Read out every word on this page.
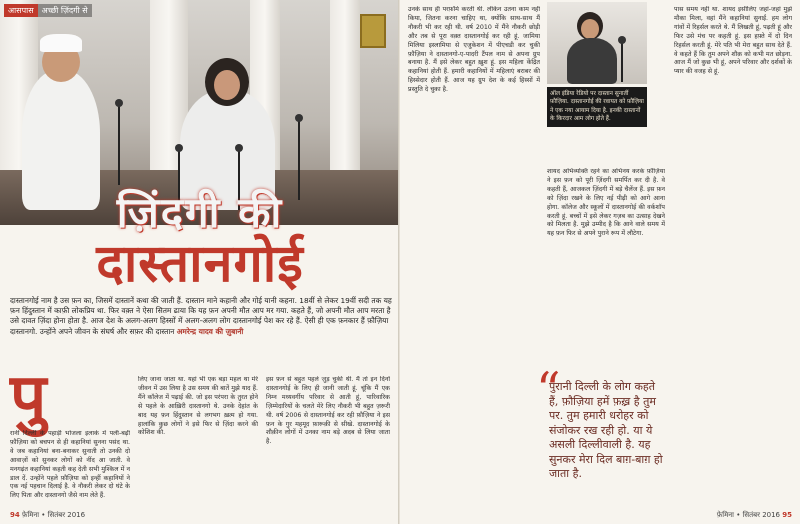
आसपास	अच्छी ज़िंदगी से
ज़िंदगी की
दास्तानगोई
दास्तानगोई नाम है उस फ़न का, जिसमें दास्तानें कथा की जाती हैं. दास्तान माने कहानी और गोई यानी कहना. 18वीं से लेकर 19वीं सदी तक यह फ़न हिंदुस्तान में काफ़ी लोकप्रिय था. फिर वक़्त ने ऐसा सितम ढाया कि यह फ़न अपनी मौत आप मर गया. कहते हैं, जो अपनी मौत आप मरता है उसे दावत ज़िंदा होना होता है. आज देश के अलग-अलग हिस्सों में अलग-अलग लोग दास्तानगोई पेश कर रहे हैं. ऐसी ही एक फ़नकार हैं फ़ौज़िया दास्तानगो. उन्होंने अपने जीवन के संघर्ष और सफ़र की दास्तान अमरेन्द्र यादव की ज़ुबानी
पु
रानी दिल्ली के पहाड़ी भोजला इलाके में पली-बढ़ी फ़ौज़िया को बचपन से ही कहानियां सुनना पसंद था. वे जब कहानियां बना-बनाकर सुनाती तो उनकी दो आवाज़ों को सुनकर लोगों को नींद आ जाती. वे मनगढ़ंत कहानियां कहती कह देती सभी मुश्किल में न डाल दें. उन्होंने पहले फ़ौज़िया को इन्हीं कहानियों ने एक नई पहचान दिलाई है. वे नौकरी लेकर दो घंटे के लिए पिता और दास्तानगो जैसे नाम लेते हैं.
लिए जाना जाता था. यहां भी एक बड़ा महल था मेरे जीवन में उस लिया है उस समय की बातें मुझे याद हैं. मैंने कॉलेज में पढ़ाई की. जो इस परंपरा के तुरत होने से पहले के आख़िरी दास्तानगो थे. उनके देहांत के बाद यह फ़न हिंदुस्तान से लगभग ख़त्म हो गया. हालांकि कुछ लोगों ने इसे फिर से ज़िंदा करने की कोशिश की.
इस फ़न से बहुत पहले जुड़ चुकी थीं. मैं तो इन दिनों दास्तानगोई के लिए ही जानी जाती हूं. चूंकि मैं एक निम्न मध्यवर्गीय परिवार से आती हूं, पारिवारिक ज़िम्मेदारियों के चलते मेरे लिए नौकरी भी बहुत ज़रूरी थी. वर्ष 2006 से दास्तानगोई कर रही फ़ौज़िया ने इस फ़न के गुर महमूद फ़ारूक़ी से सीखे. दास्तानगोई के शौक़ीन लोगों में उनका नाम बड़े अदब से लिया जाता है.
94 फ़ेमिना • सितंबर 2016
उनके साथ ही परफ़ॉर्म करती थी. लेकिन उतना काम नहीं किया, जितना करना चाहिए था, क्योंकि साथ-साथ मैं नौकरी भी कर रही थी. वर्ष 2010 में मैंने नौकरी छोड़ी और तब से पूरा वक़्त दास्तानगोई कर रही हूं. जामिया मिलिया इस्लामिया से एजुकेशन में पीएचडी कर चुकी फ़ौज़िया ने दास्तानगो-ए-पादरी टैंपल नाम से अपना ग्रुप बनाया है. मैं इसे लेकर बहुत ख़ुश हूं. इस महिला केंद्रित कहानियां होती हैं. हमारी कहानियों में महिलाएं बराबर की हिस्सेदार होती हैं. आज यह ग्रुप देश के कई हिस्सों में प्रस्तुति दे चुका है.
ऑल इंडिया रेडियो पर दास्तान सुनातीं फ़ौज़िया. दास्तानगोई की रवायत को फ़ौज़िया ने एक नया आयाम दिया है. इनकी दास्तानों के किरदार आम लोग होते हैं.
शायद अभिव्यक्ति रहने का अभिनय करके फ़ौज़िया ने इस फ़न को पूरी ज़िंदगी समर्पित कर दी है. वे कहती हैं, आजकल ज़िंदगी में बड़े चैलेंज हैं. इस फ़न को ज़िंदा रखने के लिए नई पीढ़ी को आगे आना होगा. कॉलेज और स्कूलों में दास्तानगोई की वर्कशॉप करती हूं. बच्चों में इसे लेकर गज़ब का उत्साह देखने को मिलता है. मुझे उम्मीद है कि आने वाले समय में यह फ़न फिर से अपने पुराने रूप में लौटेगा.
“
पुरानी दिल्ली के लोग कहते हैं, फ़ौज़िया हमें फ़ख़्र है तुम पर. तुम हमारी धरोहर को संजोकर रख रही हो. या ये असली दिल्लीवाली है. यह सुनकर मेरा दिल बाग़-बाग़ हो जाता है.
पास समय नहीं था. शायद इसीलिए जहां-जहां मुझे मौका मिला, वहां मैंने कहानियां सुनाईं. हम लोग गांवों में रिहर्सल करते थे. मैं लिखती हूं, पढ़ती हूं और फिर उसे मंच पर कहती हूं. इस हफ़्ते में दो दिन रिहर्सल करती हूं. मेरे पति भी मेरा बहुत साथ देते हैं. वे कहते हैं कि तुम अपने शौक़ को कभी मत छोड़ना. आज मैं जो कुछ भी हूं, अपने परिवार और दर्शकों के प्यार की वजह से हूं.
फ़ेमिना • सितंबर 2016 95
